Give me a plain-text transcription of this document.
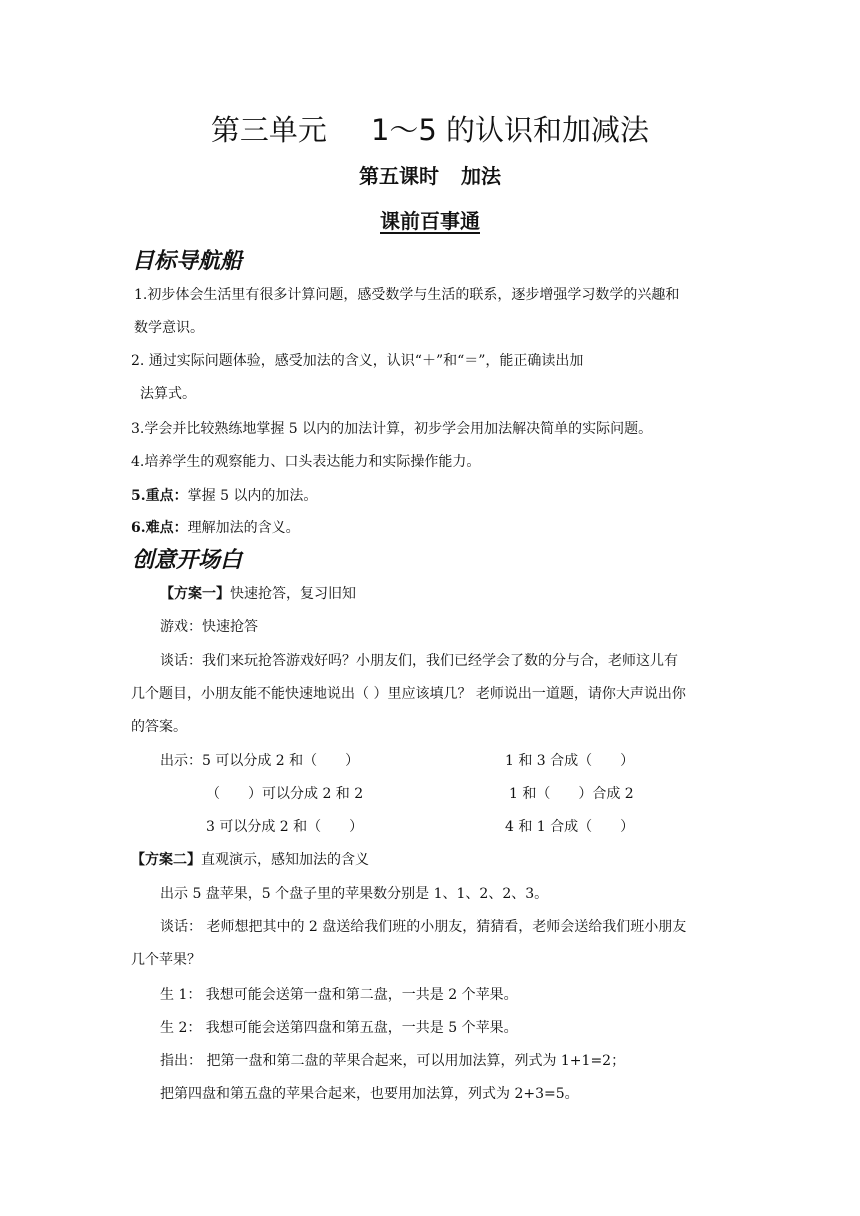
第三单元 1～5 的认识和加减法
第五课时 加法
课前百事通
目标导航船
1.初步体会生活里有很多计算问题，感受数学与生活的联系，逐步增强学习数学的兴趣和
数学意识。
2. 通过实际问题体验，感受加法的含义，认识“＋”和“＝”，能正确读出加
法算式。
3.学会并比较熟练地掌握 5 以内的加法计算，初步学会用加法解决简单的实际问题。
4.培养学生的观察能力、口头表达能力和实际操作能力。
5.重点：掌握 5 以内的加法。
6.难点：理解加法的含义。
创意开场白
【方案一】快速抢答，复习旧知
游戏：快速抢答
谈话：我们来玩抢答游戏好吗？小朋友们，我们已经学会了数的分与合，老师这儿有
几个题目，小朋友能不能快速地说出（ ）里应该填几？ 老师说出一道题，请你大声说出你
的答案。
出示：5 可以分成 2 和（　　）	1 和 3 合成（　　）
（　　）可以分成 2 和 2	1 和（　　）合成 2
3 可以分成 2 和（　　）	4 和 1 合成（　　）
【方案二】直观演示，感知加法的含义
出示 5 盘苹果，5 个盘子里的苹果数分别是 1、1、2、2、3。
谈话： 老师想把其中的 2 盘送给我们班的小朋友，猜猜看，老师会送给我们班小朋友
几个苹果？
生 1： 我想可能会送第一盘和第二盘，一共是 2 个苹果。
生 2： 我想可能会送第四盘和第五盘，一共是 5 个苹果。
指出： 把第一盘和第二盘的苹果合起来，可以用加法算，列式为 1+1=2；
把第四盘和第五盘的苹果合起来，也要用加法算，列式为 2+3=5。
